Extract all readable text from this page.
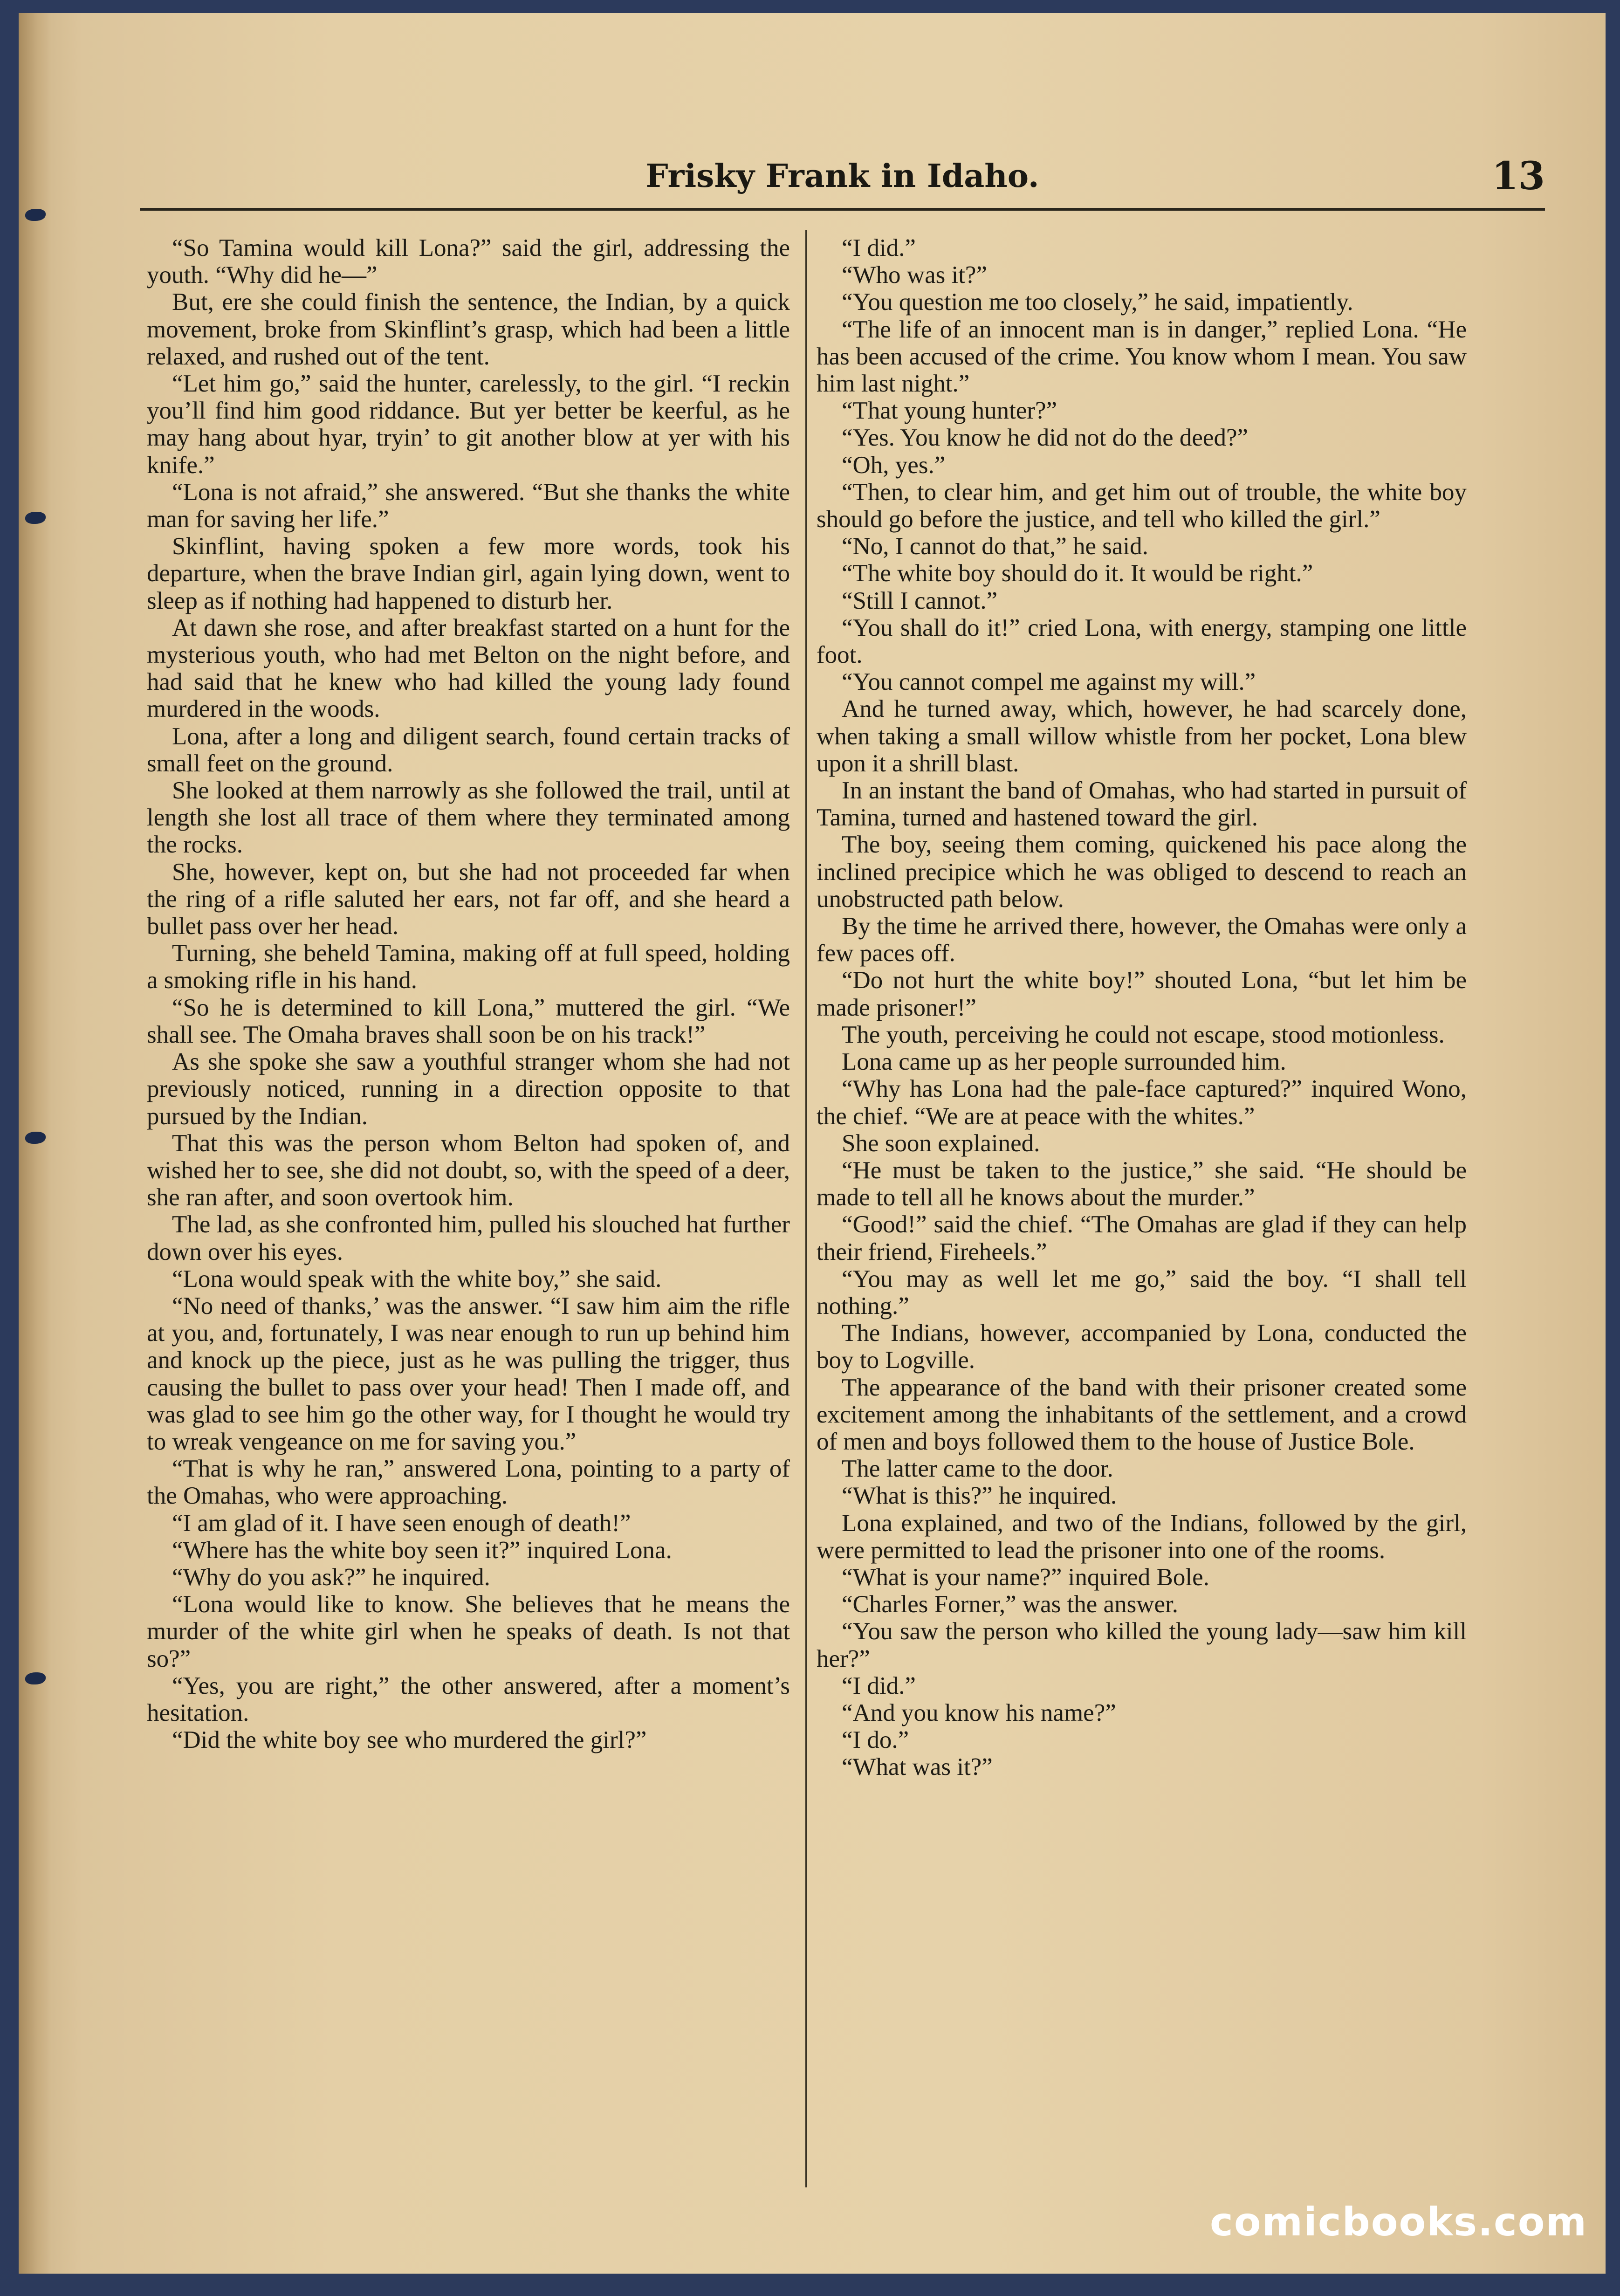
Frisky Frank in Idaho.	13

“So Tamina would kill Lona?” said the girl, addressing the youth. “Why did he—”

But, ere she could finish the sentence, the Indian, by a quick movement, broke from Skinflint’s grasp, which had been a little relaxed, and rushed out of the tent.

“Let him go,” said the hunter, carelessly, to the girl. “I reckin you’ll find him good riddance. But yer better be keerful, as he may hang about hyar, tryin’ to git another blow at yer with his knife.”

“Lona is not afraid,” she answered. “But she thanks the white man for saving her life.”

Skinflint, having spoken a few more words, took his departure, when the brave Indian girl, again lying down, went to sleep as if nothing had happened to disturb her.

At dawn she rose, and after breakfast started on a hunt for the mysterious youth, who had met Belton on the night before, and had said that he knew who had killed the young lady found murdered in the woods.

Lona, after a long and diligent search, found certain tracks of small feet on the ground.

She looked at them narrowly as she followed the trail, until at length she lost all trace of them where they terminated among the rocks.

She, however, kept on, but she had not proceeded far when the ring of a rifle saluted her ears, not far off, and she heard a bullet pass over her head.

Turning, she beheld Tamina, making off at full speed, holding a smoking rifle in his hand.

“So he is determined to kill Lona,” muttered the girl. “We shall see. The Omaha braves shall soon be on his track!”

As she spoke she saw a youthful stranger whom she had not previously noticed, running in a direction opposite to that pursued by the Indian.

That this was the person whom Belton had spoken of, and wished her to see, she did not doubt, so, with the speed of a deer, she ran after, and soon overtook him.

The lad, as she confronted him, pulled his slouched hat further down over his eyes.

“Lona would speak with the white boy,” she said.

“No need of thanks,’ was the answer. “I saw him aim the rifle at you, and, fortunately, I was near enough to run up behind him and knock up the piece, just as he was pulling the trigger, thus causing the bullet to pass over your head! Then I made off, and was glad to see him go the other way, for I thought he would try to wreak vengeance on me for saving you.”

“That is why he ran,” answered Lona, pointing to a party of the Omahas, who were approaching.

“I am glad of it. I have seen enough of death!”

“Where has the white boy seen it?” inquired Lona.

“Why do you ask?” he inquired.

“Lona would like to know. She believes that he means the murder of the white girl when he speaks of death. Is not that so?”

“Yes, you are right,” the other answered, after a moment’s hesitation.

“Did the white boy see who murdered the girl?”

“I did.”

“Who was it?”

“You question me too closely,” he said, impatiently.

“The life of an innocent man is in danger,” replied Lona. “He has been accused of the crime. You know whom I mean. You saw him last night.”

“That young hunter?”

“Yes. You know he did not do the deed?”

“Oh, yes.”

“Then, to clear him, and get him out of trouble, the white boy should go before the justice, and tell who killed the girl.”

“No, I cannot do that,” he said.

“The white boy should do it. It would be right.”

“Still I cannot.”

“You shall do it!” cried Lona, with energy, stamping one little foot.

“You cannot compel me against my will.”

And he turned away, which, however, he had scarcely done, when taking a small willow whistle from her pocket, Lona blew upon it a shrill blast.

In an instant the band of Omahas, who had started in pursuit of Tamina, turned and hastened toward the girl.

The boy, seeing them coming, quickened his pace along the inclined precipice which he was obliged to descend to reach an unobstructed path below.

By the time he arrived there, however, the Omahas were only a few paces off.

“Do not hurt the white boy!” shouted Lona, “but let him be made prisoner!”

The youth, perceiving he could not escape, stood motionless.

Lona came up as her people surrounded him.

“Why has Lona had the pale-face captured?” inquired Wono, the chief. “We are at peace with the whites.”

She soon explained.

“He must be taken to the justice,” she said. “He should be made to tell all he knows about the murder.”

“Good!” said the chief. “The Omahas are glad if they can help their friend, Fireheels.”

“You may as well let me go,” said the boy. “I shall tell nothing.”

The Indians, however, accompanied by Lona, conducted the boy to Logville.

The appearance of the band with their prisoner created some excitement among the inhabitants of the settlement, and a crowd of men and boys followed them to the house of Justice Bole.

The latter came to the door.

“What is this?” he inquired.

Lona explained, and two of the Indians, followed by the girl, were permitted to lead the prisoner into one of the rooms.

“What is your name?” inquired Bole.

“Charles Forner,” was the answer.

“You saw the person who killed the young lady—saw him kill her?”

“I did.”

“And you know his name?”

“I do.”

“What was it?”

comicbooks.com
